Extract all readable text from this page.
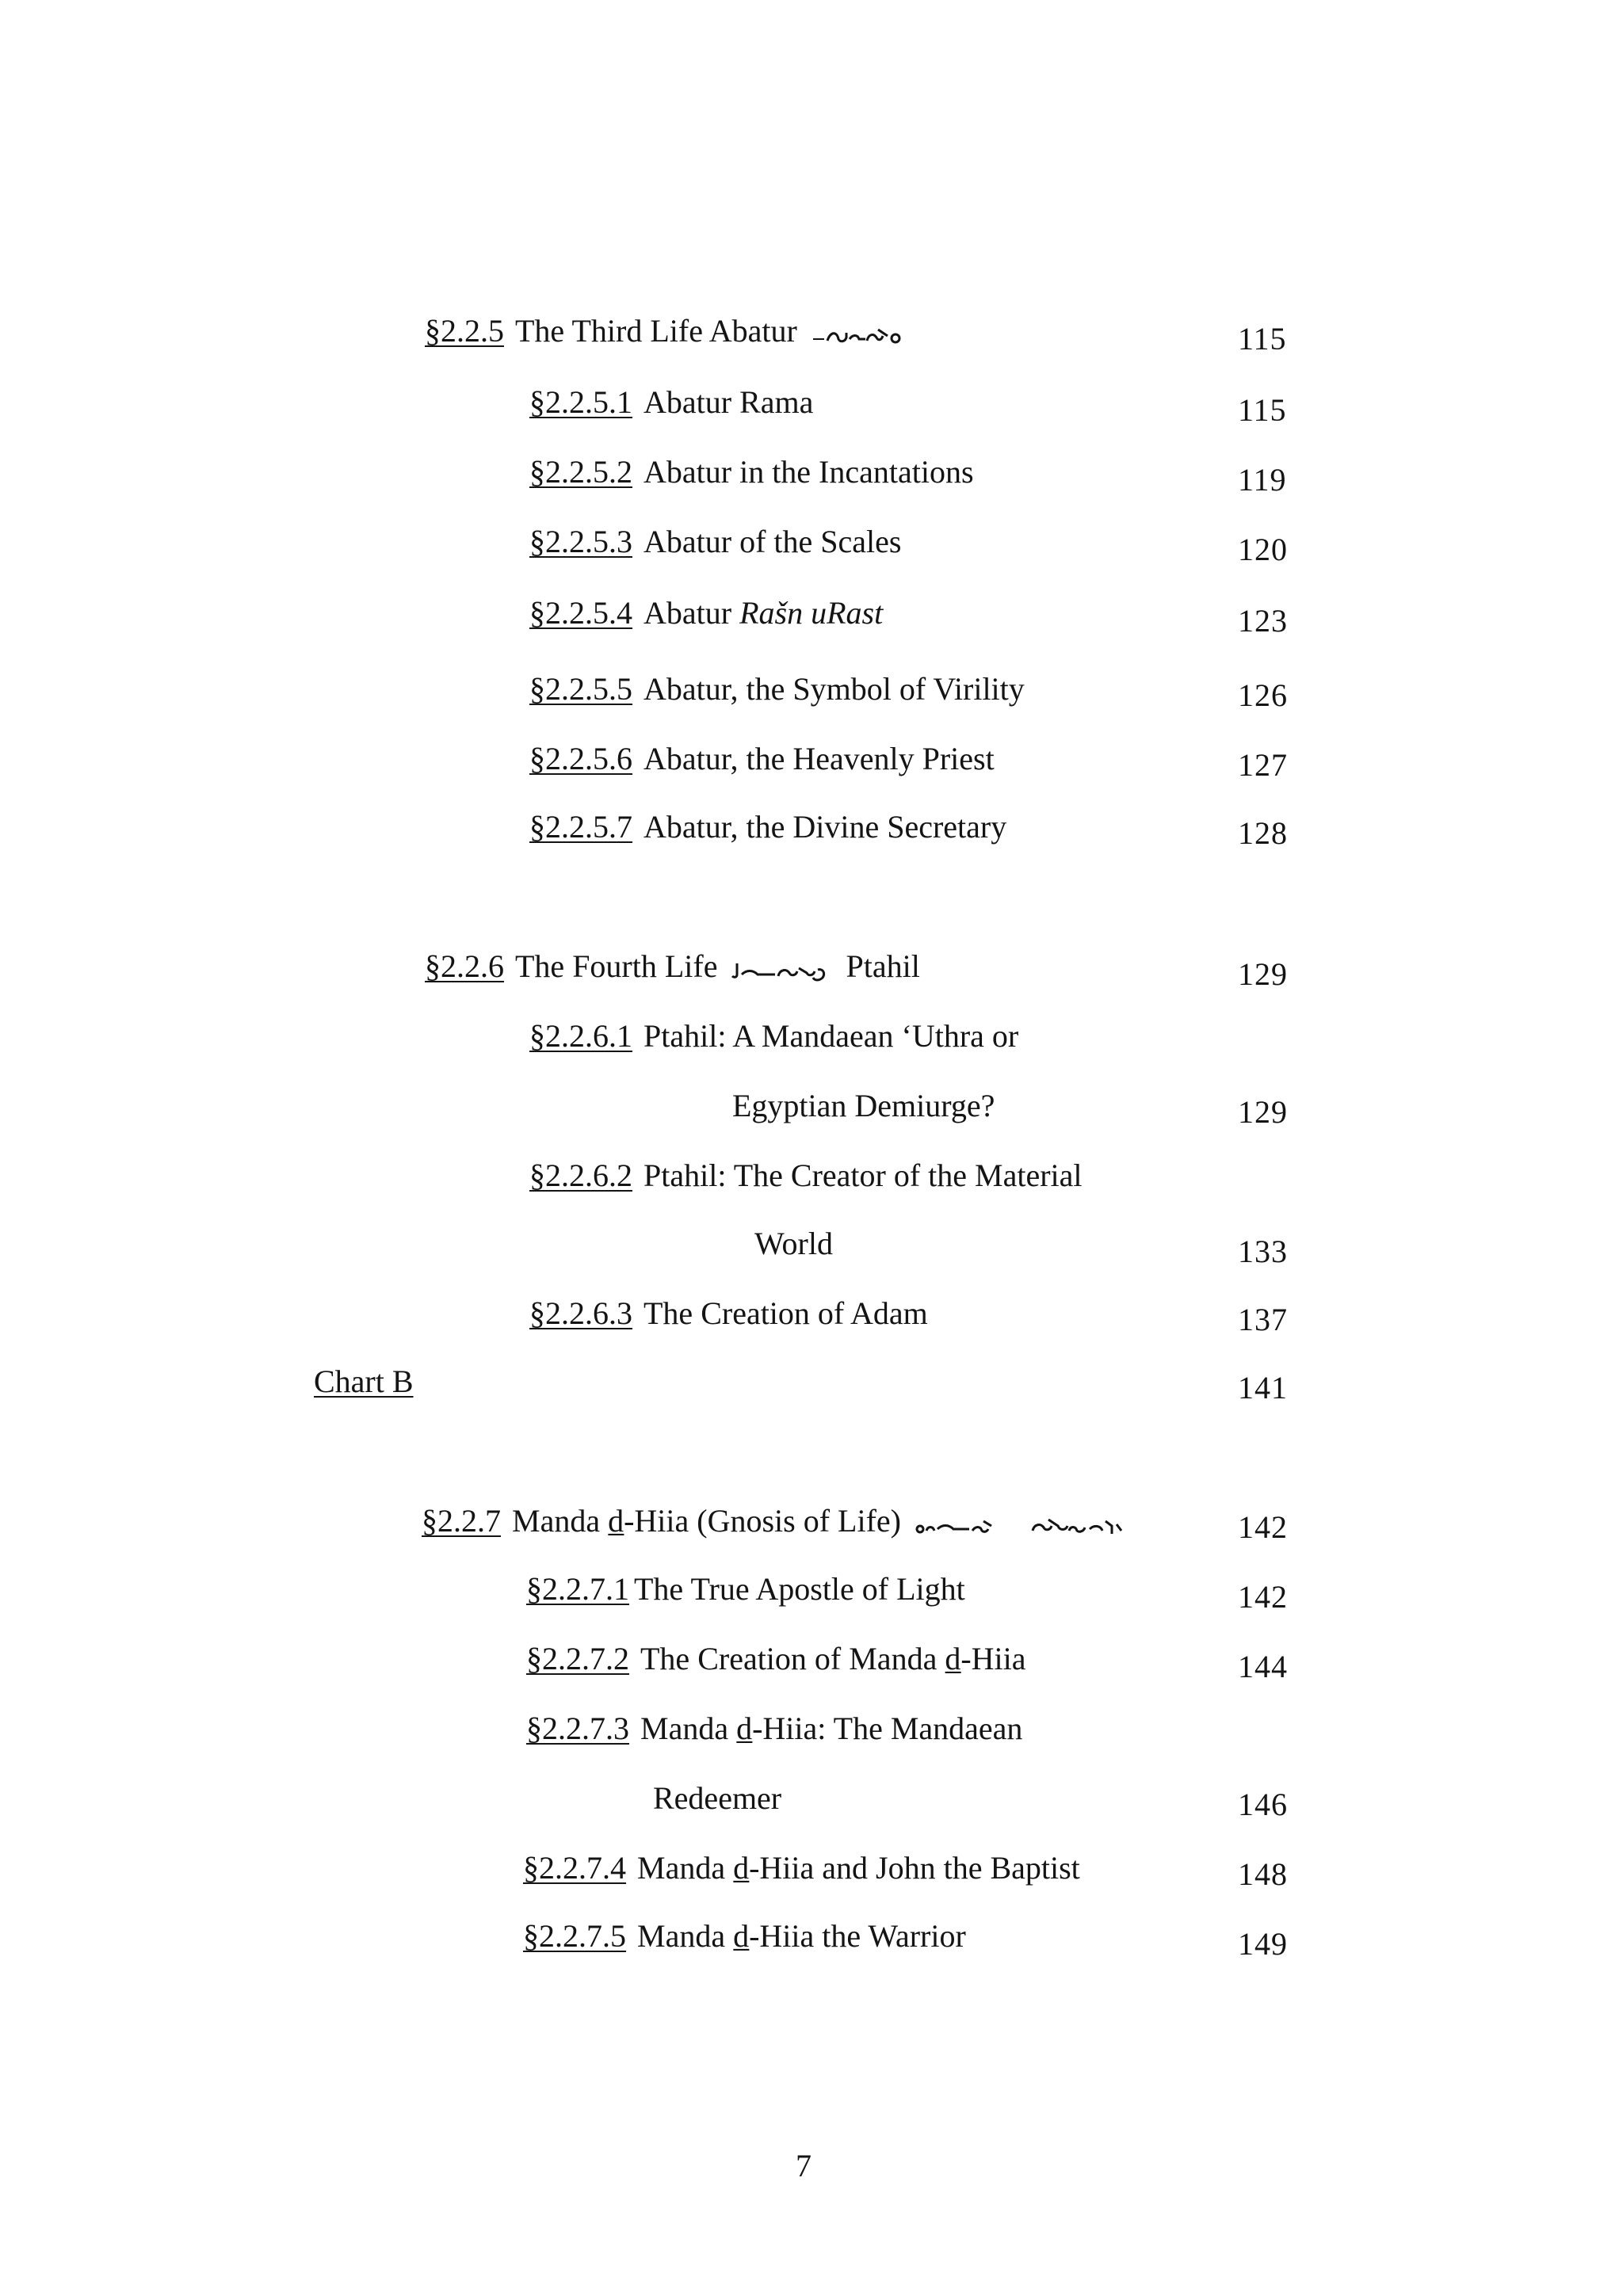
§2.2.5 The Third Life Abatur	115
§2.2.5.1 Abatur Rama	115
§2.2.5.2 Abatur in the Incantations	119
§2.2.5.3 Abatur of the Scales	120
§2.2.5.4 Abatur Rašn uRast	123
§2.2.5.5 Abatur, the Symbol of Virility	126
§2.2.5.6 Abatur, the Heavenly Priest	127
§2.2.5.7 Abatur, the Divine Secretary	128
§2.2.6 The Fourth Life	Ptahil	129
§2.2.6.1 Ptahil: A Mandaean ‘Uthra or
Egyptian Demiurge?	129
§2.2.6.2 Ptahil: The Creator of the Material
World	133
§2.2.6.3 The Creation of Adam	137
Chart B	141
§2.2.7 Manda d̲-Hiia (Gnosis of Life)	142
§2.2.7.1 The True Apostle of Light	142
§2.2.7.2 The Creation of Manda d̲-Hiia	144
§2.2.7.3 Manda d̲-Hiia: The Mandaean
Redeemer	146
§2.2.7.4 Manda d̲-Hiia and John the Baptist	148
§2.2.7.5 Manda d̲-Hiia the Warrior	149
7
